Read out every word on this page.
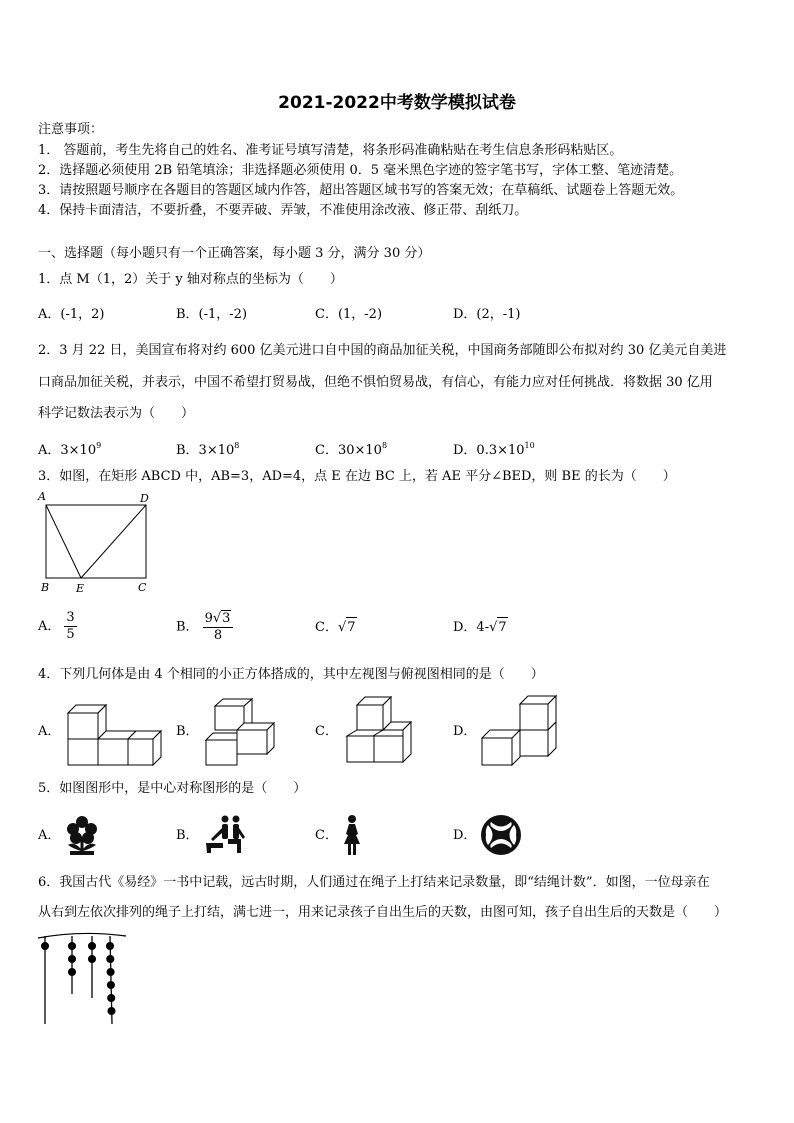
2021-2022中考数学模拟试卷
注意事项：
1． 答题前，考生先将自己的姓名、准考证号填写清楚，将条形码准确粘贴在考生信息条形码粘贴区。
2．选择题必须使用 2B 铅笔填涂；非选择题必须使用 0．5 毫米黑色字迹的签字笔书写，字体工整、笔迹清楚。
3．请按照题号顺序在各题目的答题区域内作答，超出答题区域书写的答案无效；在草稿纸、试题卷上答题无效。
4．保持卡面清洁，不要折叠，不要弄破、弄皱，不准使用涂改液、修正带、刮纸刀。
一、选择题（每小题只有一个正确答案，每小题 3 分，满分 30 分）
1．点 M（1，2）关于 y 轴对称点的坐标为（　　）
A．(-1，2)	B．(-1，-2)	C．(1，-2)	D．(2，-1)
2．3 月 22 日，美国宣布将对约 600 亿美元进口自中国的商品加征关税，中国商务部随即公布拟对约 30 亿美元自美进
口商品加征关税，并表示，中国不希望打贸易战，但绝不惧怕贸易战，有信心，有能力应对任何挑战．将数据 30 亿用
科学记数法表示为（　　）
A．$3\times 10^9$	B．$3\times 10^8$	C．$30\times 10^8$	D．$0.3\times 10^{10}$
3．如图，在矩形 ABCD 中，AB=3，AD=4，点 E 在边 BC 上，若 AE 平分∠BED，则 BE 的长为（　　）
A	D
B E	C
A． $\frac{3}{5}$	B． $\frac{9√3}{8}$	C．√7	D．4-√7
4．下列几何体是由 4 个相同的小正方体搭成的，其中左视图与俯视图相同的是（　　）
A．	B．	C．	D．
5．如图图形中，是中心对称图形的是（　　）
A．	B．	C．	D．
6．我国古代《易经》一书中记载，远古时期，人们通过在绳子上打结来记录数量，即“结绳计数”．如图，一位母亲在
从右到左依次排列的绳子上打结，满七进一，用来记录孩子自出生后的天数，由图可知，孩子自出生后的天数是（　　）
